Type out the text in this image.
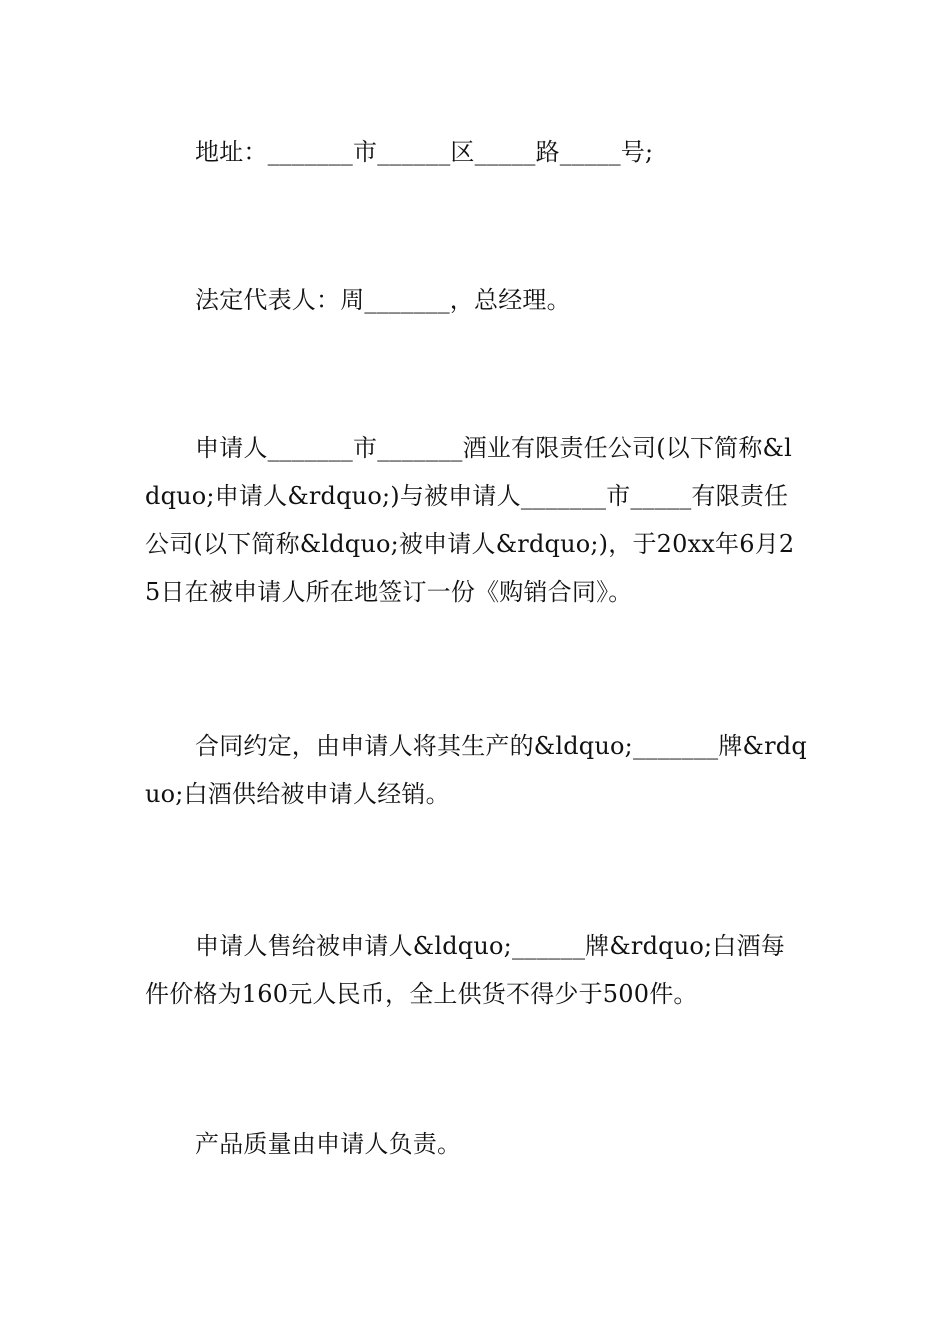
地址：_______市______区_____路_____号;

法定代表人：周_______，总经理。

申请人_______市_______酒业有限责任公司(以下简称&ldquo;申请人&rdquo;)与被申请人_______市_____有限责任公司(以下简称&ldquo;被申请人&rdquo;)，于20xx年6月25日在被申请人所在地签订一份《购销合同》。

合同约定，由申请人将其生产的&ldquo;_______牌&rdquo;白酒供给被申请人经销。

申请人售给被申请人&ldquo;______牌&rdquo;白酒每件价格为160元人民币，全上供货不得少于500件。

产品质量由申请人负责。
